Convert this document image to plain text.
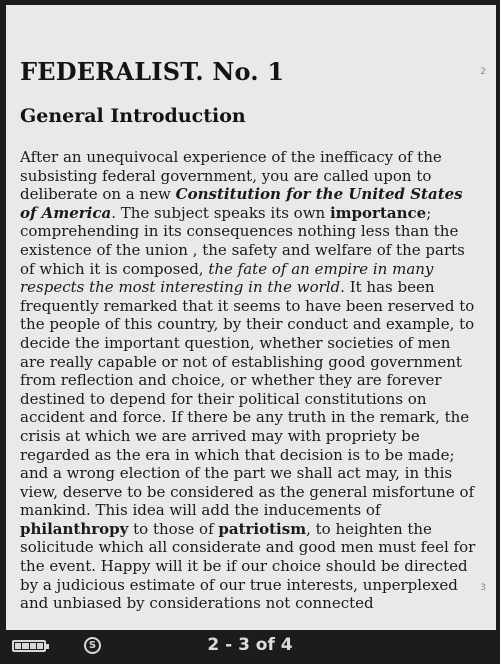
FEDERALIST. No. 1	2
General Introduction

After an unequivocal experience of the inefficacy of the subsisting federal government, you are called upon to deliberate on a new Constitution for the United States of America. The subject speaks its own importance; comprehending in its consequences nothing less than the existence of the union , the safety and welfare of the parts of which it is composed, the fate of an empire in many respects the most interesting in the world. It has been frequently remarked that it seems to have been reserved to the people of this country, by their conduct and example, to decide the important question, whether societies of men are really capable or not of establishing good government from reflection and choice, or whether they are forever destined to depend for their political constitutions on accident and force. If there be any truth in the remark, the crisis at which we are arrived may with propriety be regarded as the era in which that decision is to be made; and a wrong election of the part we shall act may, in this view, deserve to be considered as the general misfortune of mankind. This idea will add the inducements of philanthropy to those of patriotism, to heighten the solicitude which all considerate and good men must feel for the event. Happy will it be if our choice should be directed by a judicious estimate of our true interests, unperplexed and unbiased by considerations not connected

3
S	2 - 3 of 4
